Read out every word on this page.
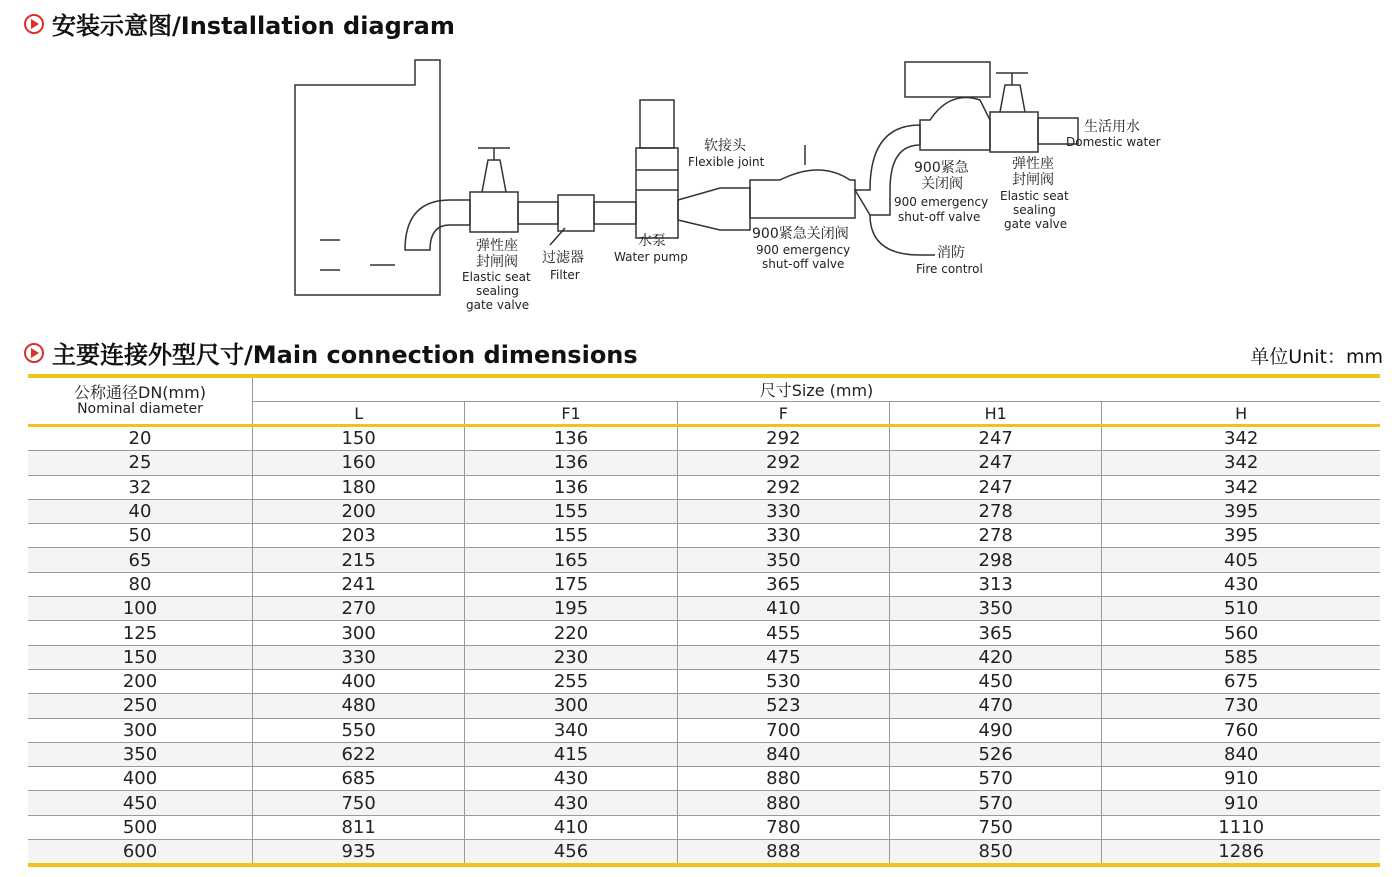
安装示意图/Installation diagram
弹性座
封闸阀
Elastic seat
sealing
gate valve
过滤器
Filter
水泵
Water pump
软接头
Flexible joint
900紧急关闭阀
900 emergency
shut-off valve
900紧急
关闭阀
900 emergency
shut-off valve
弹性座
封闸阀
Elastic seat
sealing
gate valve
生活用水
Domestic water
消防
Fire control
主要连接外型尺寸/Main connection dimensions	单位Unit：mm
公称通径DN(mm)
Nominal diameter	尺寸Size (mm)				
	L	F1	F	H1	H
20	150	136	292	247	342
25	160	136	292	247	342
32	180	136	292	247	342
40	200	155	330	278	395
50	203	155	330	278	395
65	215	165	350	298	405
80	241	175	365	313	430
100	270	195	410	350	510
125	300	220	455	365	560
150	330	230	475	420	585
200	400	255	530	450	675
250	480	300	523	470	730
300	550	340	700	490	760
350	622	415	840	526	840
400	685	430	880	570	910
450	750	430	880	570	910
500	811	410	780	750	1110
600	935	456	888	850	1286
